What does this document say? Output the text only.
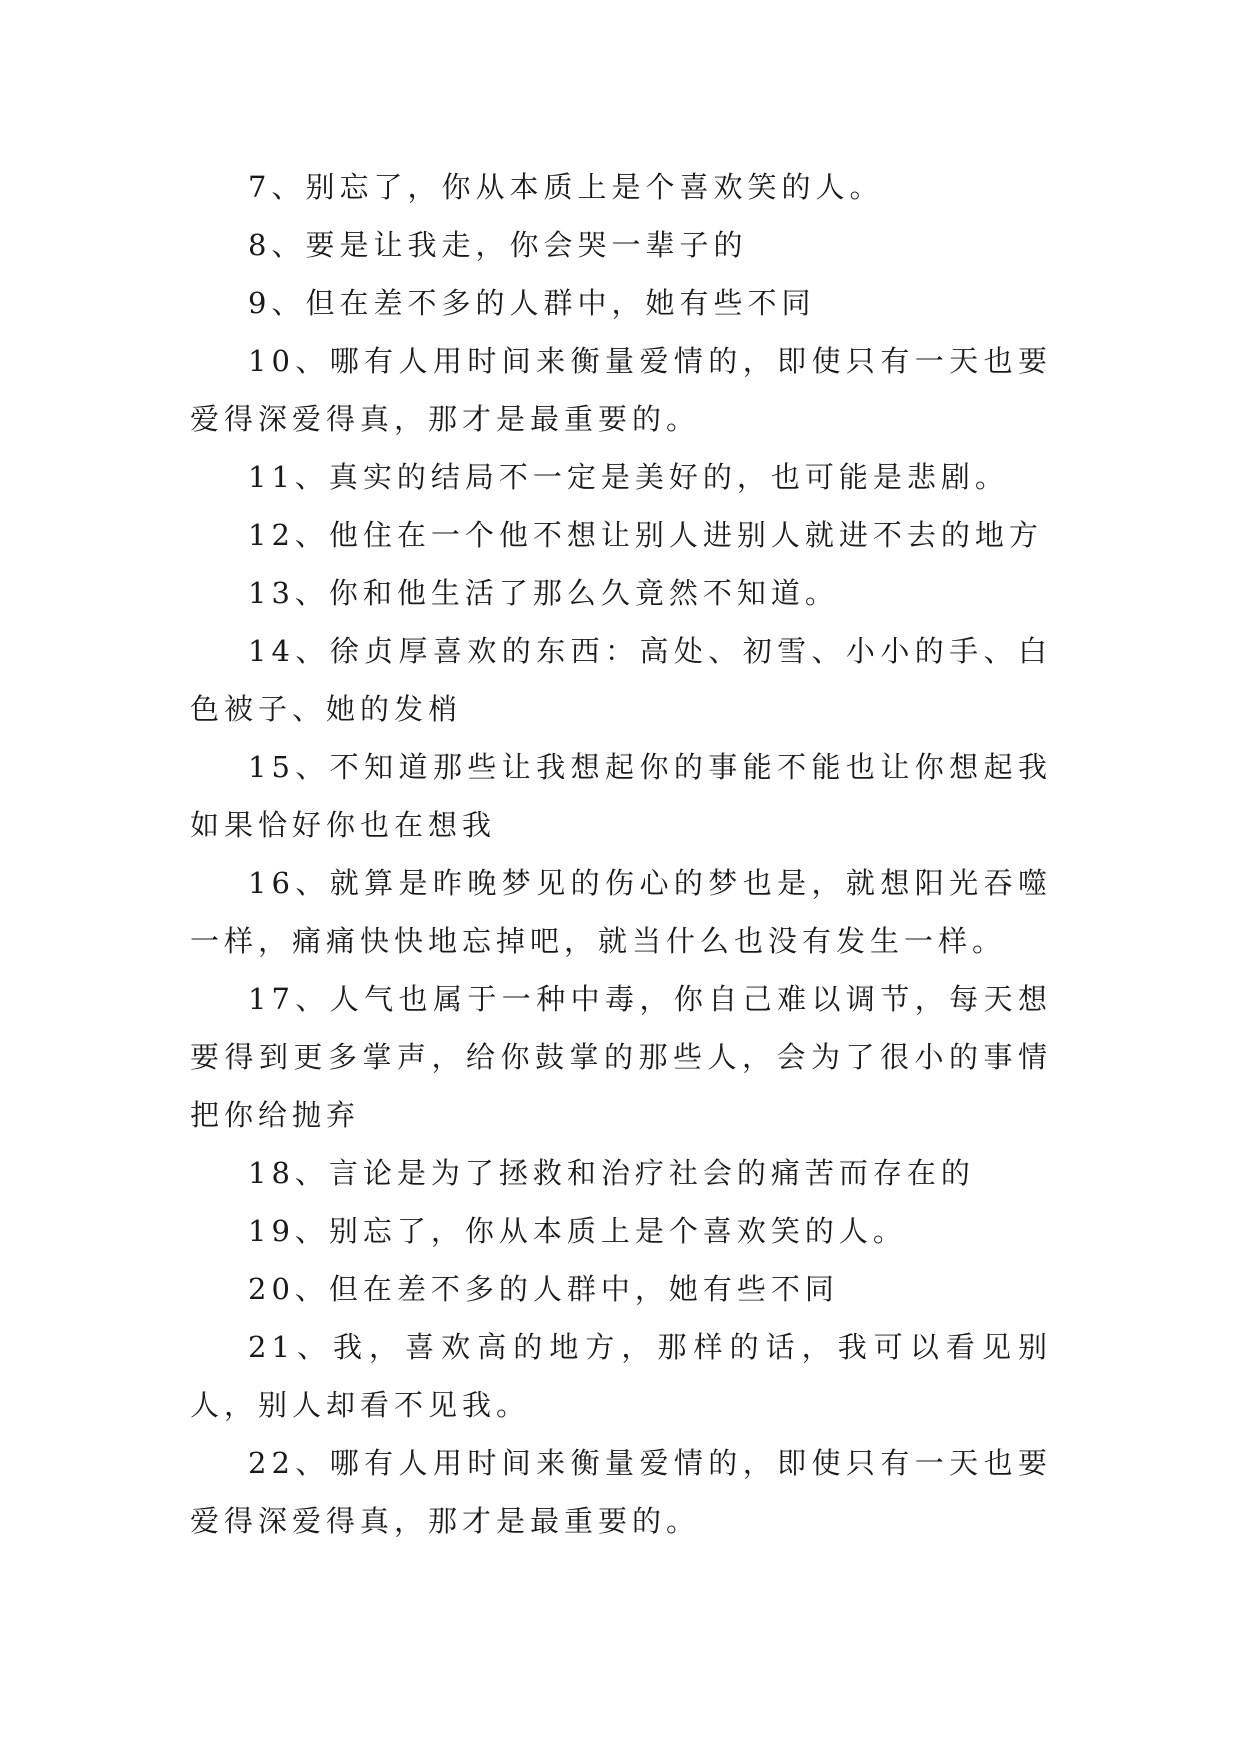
7、别忘了，你从本质上是个喜欢笑的人。

8、要是让我走，你会哭一辈子的

9、但在差不多的人群中，她有些不同

10、哪有人用时间来衡量爱情的，即使只有一天也要爱得深爱得真，那才是最重要的。

11、真实的结局不一定是美好的，也可能是悲剧。

12、他住在一个他不想让别人进别人就进不去的地方

13、你和他生活了那么久竟然不知道。

14、徐贞厚喜欢的东西：高处、初雪、小小的手、白色被子、她的发梢

15、不知道那些让我想起你的事能不能也让你想起我如果恰好你也在想我

16、就算是昨晚梦见的伤心的梦也是，就想阳光吞噬一样，痛痛快快地忘掉吧，就当什么也没有发生一样。

17、人气也属于一种中毒，你自己难以调节，每天想要得到更多掌声，给你鼓掌的那些人，会为了很小的事情把你给抛弃

18、言论是为了拯救和治疗社会的痛苦而存在的

19、别忘了，你从本质上是个喜欢笑的人。

20、但在差不多的人群中，她有些不同

21、我，喜欢高的地方，那样的话，我可以看见别人，别人却看不见我。

22、哪有人用时间来衡量爱情的，即使只有一天也要爱得深爱得真，那才是最重要的。
